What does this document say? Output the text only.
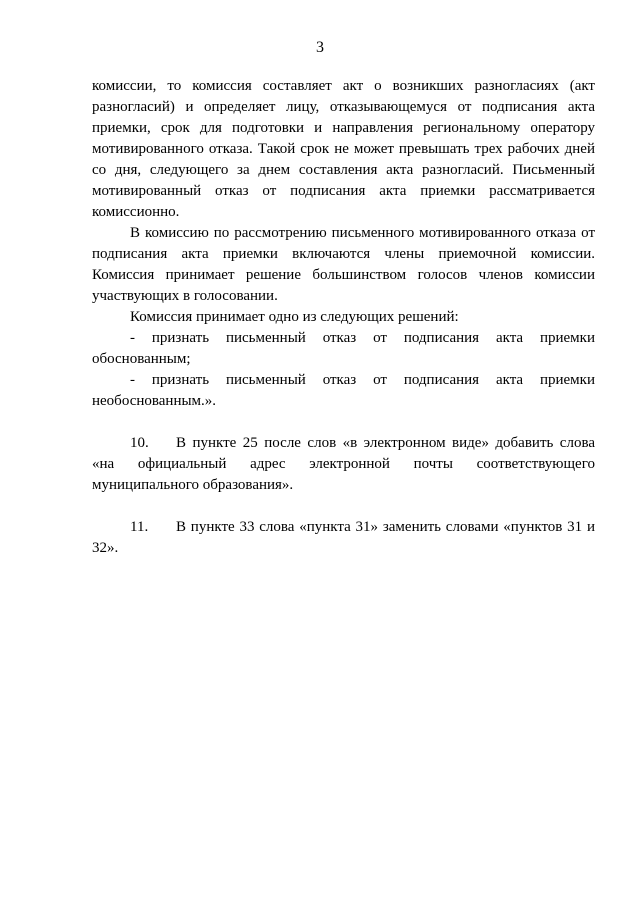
3

комиссии, то комиссия составляет акт о возникших разногласиях (акт разногласий) и определяет лицу, отказывающемуся от подписания акта приемки, срок для подготовки и направления региональному оператору мотивированного отказа. Такой срок не может превышать трех рабочих дней со дня, следующего за днем составления акта разногласий. Письменный мотивированный отказ от подписания акта приемки рассматривается комиссионно.

В комиссию по рассмотрению письменного мотивированного отказа от подписания акта приемки включаются члены приемочной комиссии. Комиссия принимает решение большинством голосов членов комиссии участвующих в голосовании.

Комиссия принимает одно из следующих решений:

- признать письменный отказ от подписания акта приемки обоснованным;

- признать письменный отказ от подписания акта приемки необоснованным.».

10. В пункте 25 после слов «в электронном виде» добавить слова «на официальный адрес электронной почты соответствующего муниципального образования».

11. В пункте 33 слова «пункта 31» заменить словами «пунктов 31 и 32».
